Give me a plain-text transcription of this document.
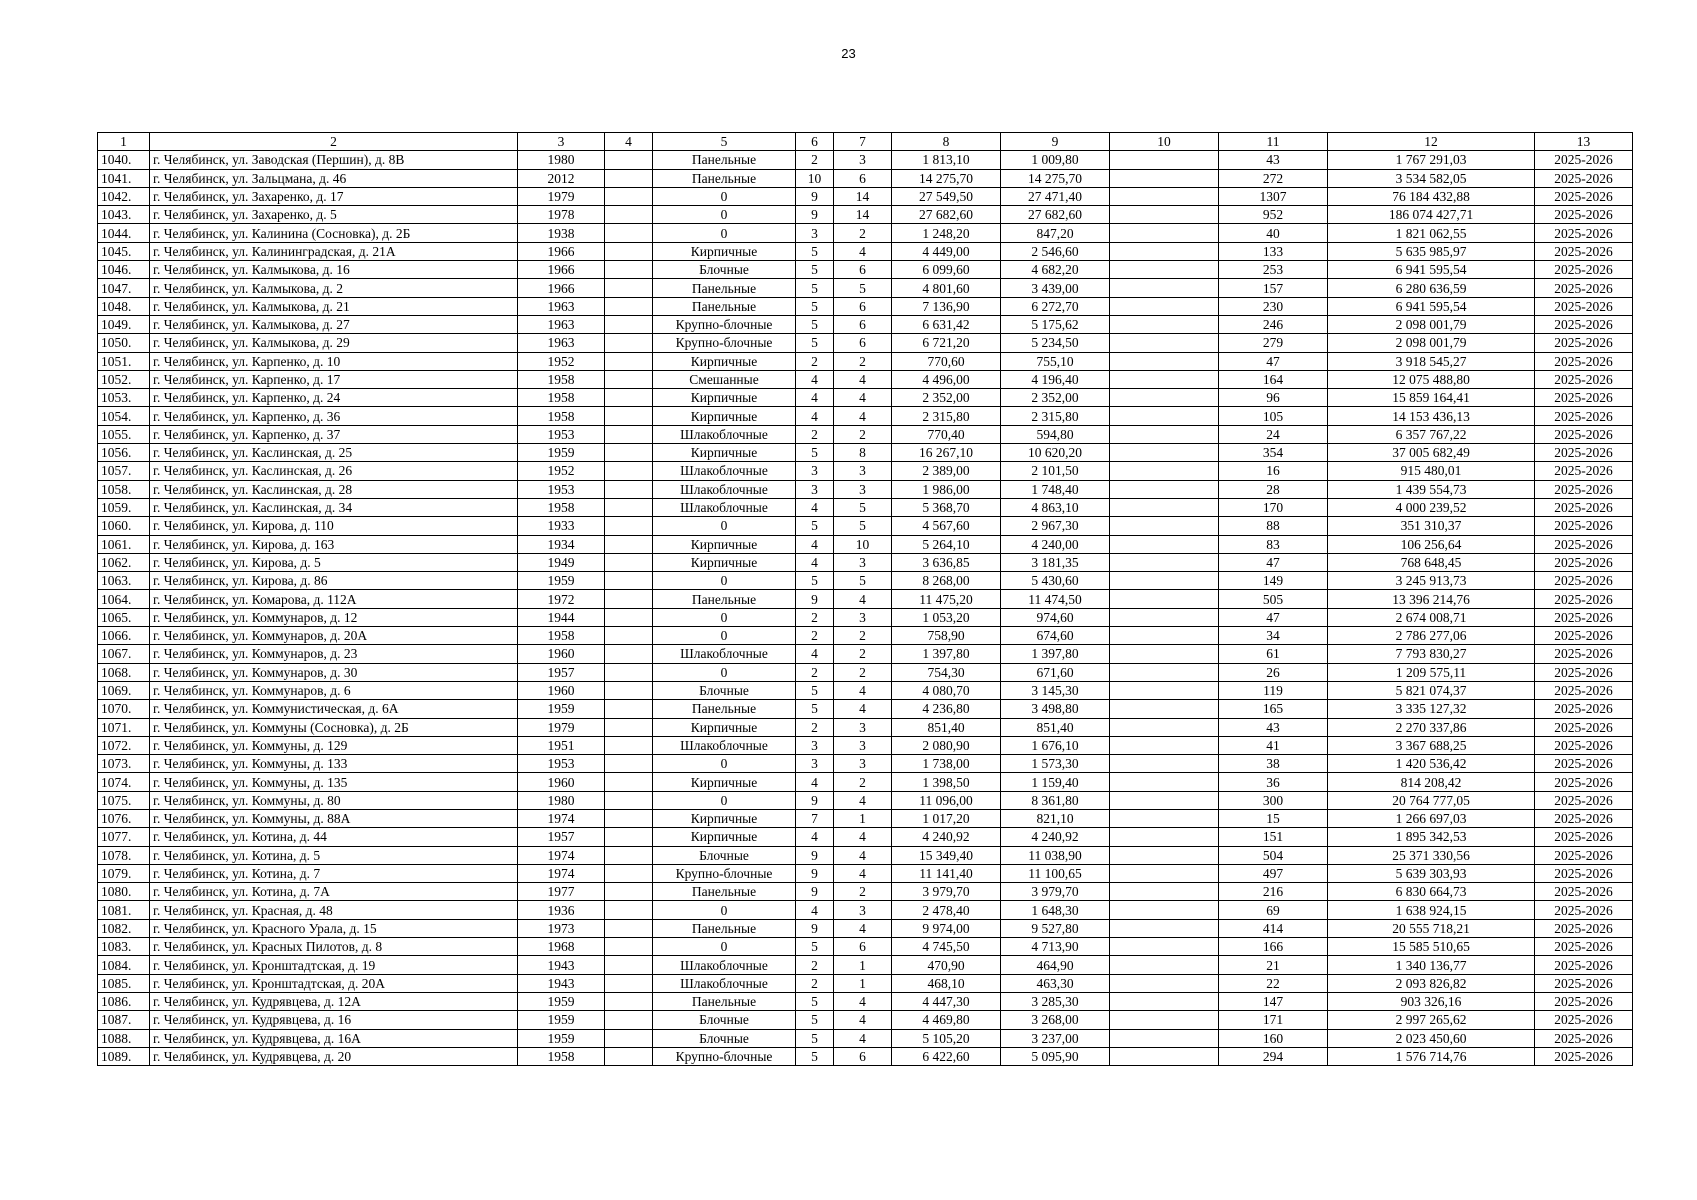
23
1	2	3	4	5	6	7	8	9	10	11	12	13
1040.	г. Челябинск, ул. Заводская (Першин), д. 8В	1980		Панельные	2	3	1 813,10	1 009,80		43	1 767 291,03	2025-2026
1041.	г. Челябинск, ул. Зальцмана, д. 46	2012		Панельные	10	6	14 275,70	14 275,70		272	3 534 582,05	2025-2026
1042.	г. Челябинск, ул. Захаренко, д. 17	1979		0	9	14	27 549,50	27 471,40		1307	76 184 432,88	2025-2026
1043.	г. Челябинск, ул. Захаренко, д. 5	1978		0	9	14	27 682,60	27 682,60		952	186 074 427,71	2025-2026
1044.	г. Челябинск, ул. Калинина (Сосновка), д. 2Б	1938		0	3	2	1 248,20	847,20		40	1 821 062,55	2025-2026
1045.	г. Челябинск, ул. Калининградская, д. 21А	1966		Кирпичные	5	4	4 449,00	2 546,60		133	5 635 985,97	2025-2026
1046.	г. Челябинск, ул. Калмыкова, д. 16	1966		Блочные	5	6	6 099,60	4 682,20		253	6 941 595,54	2025-2026
1047.	г. Челябинск, ул. Калмыкова, д. 2	1966		Панельные	5	5	4 801,60	3 439,00		157	6 280 636,59	2025-2026
1048.	г. Челябинск, ул. Калмыкова, д. 21	1963		Панельные	5	6	7 136,90	6 272,70		230	6 941 595,54	2025-2026
1049.	г. Челябинск, ул. Калмыкова, д. 27	1963		Крупно-блочные	5	6	6 631,42	5 175,62		246	2 098 001,79	2025-2026
1050.	г. Челябинск, ул. Калмыкова, д. 29	1963		Крупно-блочные	5	6	6 721,20	5 234,50		279	2 098 001,79	2025-2026
1051.	г. Челябинск, ул. Карпенко, д. 10	1952		Кирпичные	2	2	770,60	755,10		47	3 918 545,27	2025-2026
1052.	г. Челябинск, ул. Карпенко, д. 17	1958		Смешанные	4	4	4 496,00	4 196,40		164	12 075 488,80	2025-2026
1053.	г. Челябинск, ул. Карпенко, д. 24	1958		Кирпичные	4	4	2 352,00	2 352,00		96	15 859 164,41	2025-2026
1054.	г. Челябинск, ул. Карпенко, д. 36	1958		Кирпичные	4	4	2 315,80	2 315,80		105	14 153 436,13	2025-2026
1055.	г. Челябинск, ул. Карпенко, д. 37	1953		Шлакоблочные	2	2	770,40	594,80		24	6 357 767,22	2025-2026
1056.	г. Челябинск, ул. Каслинская, д. 25	1959		Кирпичные	5	8	16 267,10	10 620,20		354	37 005 682,49	2025-2026
1057.	г. Челябинск, ул. Каслинская, д. 26	1952		Шлакоблочные	3	3	2 389,00	2 101,50		16	915 480,01	2025-2026
1058.	г. Челябинск, ул. Каслинская, д. 28	1953		Шлакоблочные	3	3	1 986,00	1 748,40		28	1 439 554,73	2025-2026
1059.	г. Челябинск, ул. Каслинская, д. 34	1958		Шлакоблочные	4	5	5 368,70	4 863,10		170	4 000 239,52	2025-2026
1060.	г. Челябинск, ул. Кирова, д. 110	1933		0	5	5	4 567,60	2 967,30		88	351 310,37	2025-2026
1061.	г. Челябинск, ул. Кирова, д. 163	1934		Кирпичные	4	10	5 264,10	4 240,00		83	106 256,64	2025-2026
1062.	г. Челябинск, ул. Кирова, д. 5	1949		Кирпичные	4	3	3 636,85	3 181,35		47	768 648,45	2025-2026
1063.	г. Челябинск, ул. Кирова, д. 86	1959		0	5	5	8 268,00	5 430,60		149	3 245 913,73	2025-2026
1064.	г. Челябинск, ул. Комарова, д. 112А	1972		Панельные	9	4	11 475,20	11 474,50		505	13 396 214,76	2025-2026
1065.	г. Челябинск, ул. Коммунаров, д. 12	1944		0	2	3	1 053,20	974,60		47	2 674 008,71	2025-2026
1066.	г. Челябинск, ул. Коммунаров, д. 20А	1958		0	2	2	758,90	674,60		34	2 786 277,06	2025-2026
1067.	г. Челябинск, ул. Коммунаров, д. 23	1960		Шлакоблочные	4	2	1 397,80	1 397,80		61	7 793 830,27	2025-2026
1068.	г. Челябинск, ул. Коммунаров, д. 30	1957		0	2	2	754,30	671,60		26	1 209 575,11	2025-2026
1069.	г. Челябинск, ул. Коммунаров, д. 6	1960		Блочные	5	4	4 080,70	3 145,30		119	5 821 074,37	2025-2026
1070.	г. Челябинск, ул. Коммунистическая, д. 6А	1959		Панельные	5	4	4 236,80	3 498,80		165	3 335 127,32	2025-2026
1071.	г. Челябинск, ул. Коммуны (Сосновка), д. 2Б	1979		Кирпичные	2	3	851,40	851,40		43	2 270 337,86	2025-2026
1072.	г. Челябинск, ул. Коммуны, д. 129	1951		Шлакоблочные	3	3	2 080,90	1 676,10		41	3 367 688,25	2025-2026
1073.	г. Челябинск, ул. Коммуны, д. 133	1953		0	3	3	1 738,00	1 573,30		38	1 420 536,42	2025-2026
1074.	г. Челябинск, ул. Коммуны, д. 135	1960		Кирпичные	4	2	1 398,50	1 159,40		36	814 208,42	2025-2026
1075.	г. Челябинск, ул. Коммуны, д. 80	1980		0	9	4	11 096,00	8 361,80		300	20 764 777,05	2025-2026
1076.	г. Челябинск, ул. Коммуны, д. 88А	1974		Кирпичные	7	1	1 017,20	821,10		15	1 266 697,03	2025-2026
1077.	г. Челябинск, ул. Котина, д. 44	1957		Кирпичные	4	4	4 240,92	4 240,92		151	1 895 342,53	2025-2026
1078.	г. Челябинск, ул. Котина, д. 5	1974		Блочные	9	4	15 349,40	11 038,90		504	25 371 330,56	2025-2026
1079.	г. Челябинск, ул. Котина, д. 7	1974		Крупно-блочные	9	4	11 141,40	11 100,65		497	5 639 303,93	2025-2026
1080.	г. Челябинск, ул. Котина, д. 7А	1977		Панельные	9	2	3 979,70	3 979,70		216	6 830 664,73	2025-2026
1081.	г. Челябинск, ул. Красная, д. 48	1936		0	4	3	2 478,40	1 648,30		69	1 638 924,15	2025-2026
1082.	г. Челябинск, ул. Красного Урала, д. 15	1973		Панельные	9	4	9 974,00	9 527,80		414	20 555 718,21	2025-2026
1083.	г. Челябинск, ул. Красных Пилотов, д. 8	1968		0	5	6	4 745,50	4 713,90		166	15 585 510,65	2025-2026
1084.	г. Челябинск, ул. Кронштадтская, д. 19	1943		Шлакоблочные	2	1	470,90	464,90		21	1 340 136,77	2025-2026
1085.	г. Челябинск, ул. Кронштадтская, д. 20А	1943		Шлакоблочные	2	1	468,10	463,30		22	2 093 826,82	2025-2026
1086.	г. Челябинск, ул. Кудрявцева, д. 12А	1959		Панельные	5	4	4 447,30	3 285,30		147	903 326,16	2025-2026
1087.	г. Челябинск, ул. Кудрявцева, д. 16	1959		Блочные	5	4	4 469,80	3 268,00		171	2 997 265,62	2025-2026
1088.	г. Челябинск, ул. Кудрявцева, д. 16А	1959		Блочные	5	4	5 105,20	3 237,00		160	2 023 450,60	2025-2026
1089.	г. Челябинск, ул. Кудрявцева, д. 20	1958		Крупно-блочные	5	6	6 422,60	5 095,90		294	1 576 714,76	2025-2026
